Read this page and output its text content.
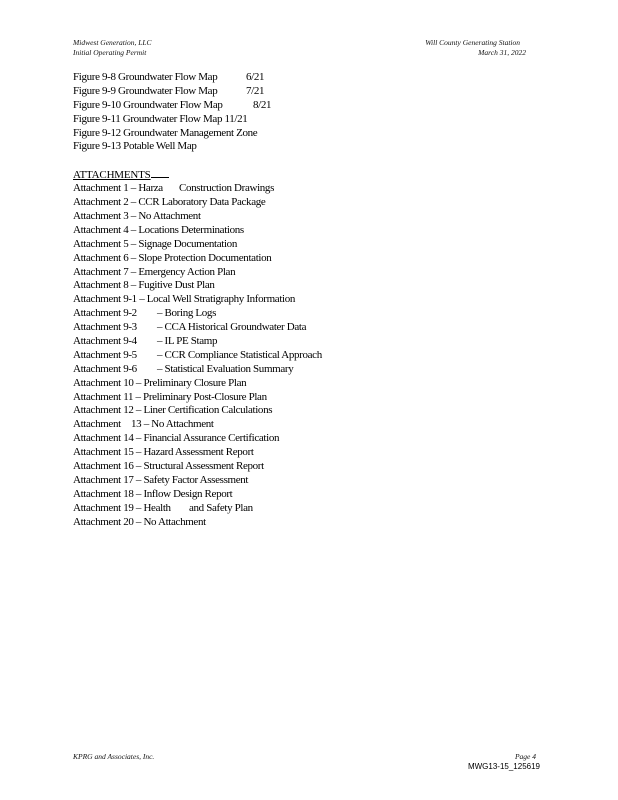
Midwest Generation, LLC
Initial Operating Permit
Will County Generating Station
March 31, 2022
Figure 9-8 Groundwater Flow Map	6/21
Figure 9-9 Groundwater Flow Map	7/21
Figure 9-10 Groundwater Flow Map	8/21
Figure 9-11 Groundwater Flow Map 11/21
Figure 9-12 Groundwater Management Zone
Figure 9-13 Potable Well Map
ATTACHMENTS
Attachment 1 – Harza Construction Drawings
Attachment 2 – CCR Laboratory Data Package
Attachment 3 – No Attachment
Attachment 4 – Locations Determinations
Attachment 5 – Signage Documentation
Attachment 6 – Slope Protection Documentation
Attachment 7 – Emergency Action Plan
Attachment 8 – Fugitive Dust Plan
Attachment 9-1 – Local Well Stratigraphy Information
Attachment 9-2 – Boring Logs
Attachment 9-3 – CCA Historical Groundwater Data
Attachment 9-4 – IL PE Stamp
Attachment 9-5 – CCR Compliance Statistical Approach
Attachment 9-6 – Statistical Evaluation Summary
Attachment 10 – Preliminary Closure Plan
Attachment 11 – Preliminary Post-Closure Plan
Attachment 12 – Liner Certification Calculations
Attachment 13 – No Attachment
Attachment 14 – Financial Assurance Certification
Attachment 15 – Hazard Assessment Report
Attachment 16 – Structural Assessment Report
Attachment 17 – Safety Factor Assessment
Attachment 18 – Inflow Design Report
Attachment 19 – Health and Safety Plan
Attachment 20 – No Attachment
KPRG and Associates, Inc.	Page 4
MWG13-15_125619
